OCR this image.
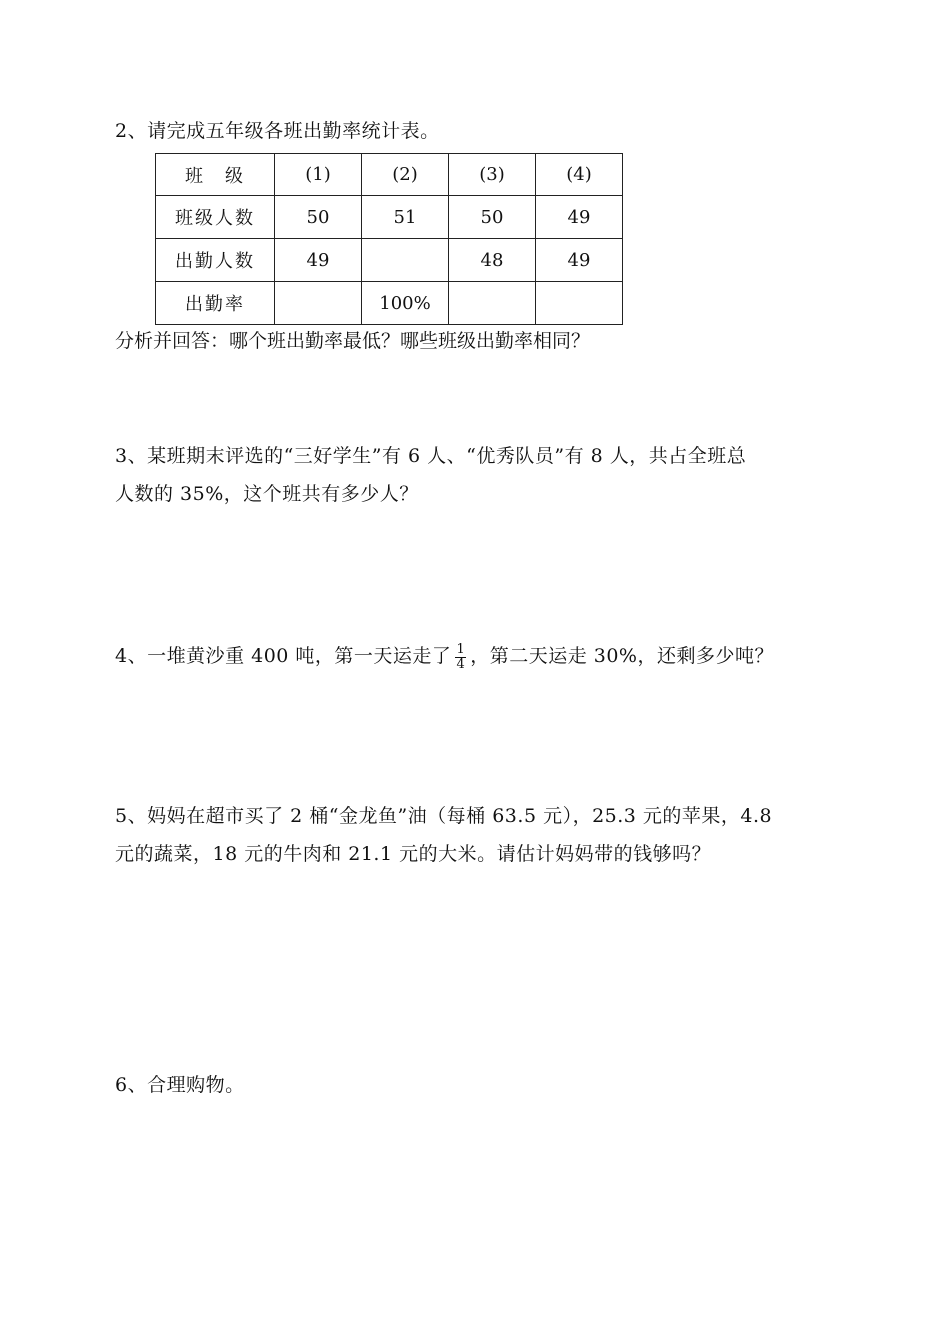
2、请完成五年级各班出勤率统计表。

班　级	(1)	(2)	(3)	(4)
班级人数	50	51	50	49
出勤人数	49		48	49
出勤率		100%		
分析并回答：哪个班出勤率最低？哪些班级出勤率相同？

3、某班期末评选的“三好学生”有 6 人、“优秀队员”有 8 人，共占全班总

人数的 35%，这个班共有多少人？

4、一堆黄沙重 400 吨，第一天运走了 $\frac{1}{4}$ ，第二天运走 30%，还剩多少吨？

5、妈妈在超市买了 2 桶“金龙鱼”油（每桶 63.5 元），25.3 元的苹果，4.8

元的蔬菜，18 元的牛肉和 21.1 元的大米。请估计妈妈带的钱够吗？

6、合理购物。
